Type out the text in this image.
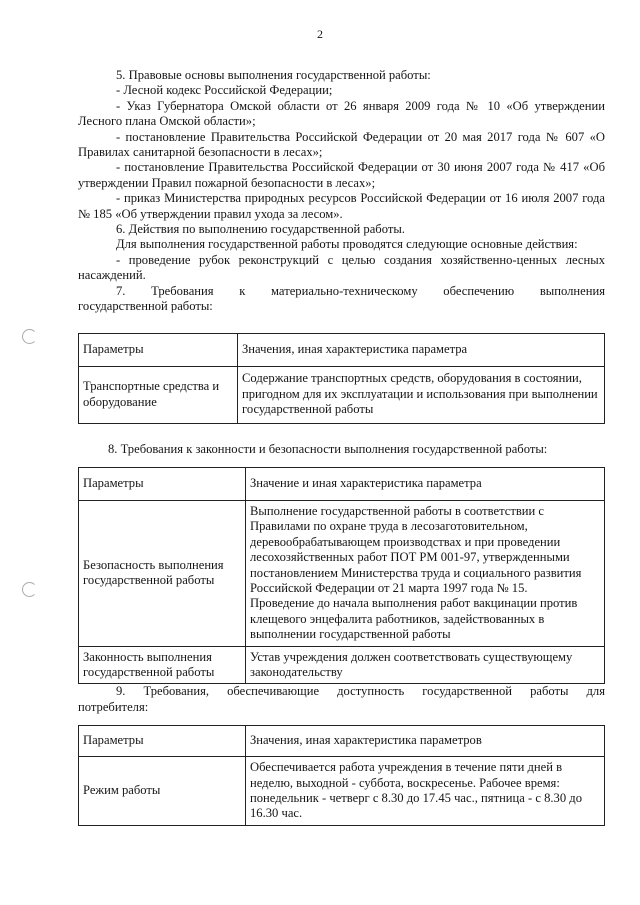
2

5. Правовые основы выполнения государственной работы:

- Лесной кодекс Российской Федерации;

- Указ Губернатора Омской области от 26 января 2009 года № 10 «Об утверждении Лесного плана Омской области»;

- постановление Правительства Российской Федерации от 20 мая 2017 года № 607 «О Правилах санитарной безопасности в лесах»;

- постановление Правительства Российской Федерации от 30 июня 2007 года № 417 «Об утверждении Правил пожарной безопасности в лесах»;

- приказ Министерства природных ресурсов Российской Федерации от 16 июля 2007 года № 185 «Об утверждении правил ухода за лесом».

6. Действия по выполнению государственной работы.

Для выполнения государственной работы проводятся следующие основные действия:

- проведение рубок реконструкций с целью создания хозяйственно-ценных лесных насаждений.

7. Требования к материально-техническому обеспечению выполнения

государственной работы:

Параметры	Значения, иная характеристика параметра
Транспортные средства и оборудование	Содержание транспортных средств, оборудования в состоянии, пригодном для их эксплуатации и использования при выполнении государственной работы

8. Требования к законности и безопасности выполнения государственной работы:

Параметры	Значение и иная характеристика параметра
Безопасность выполнения государственной работы	Выполнение государственной работы в соответствии с Правилами по охране труда в лесозаготовительном, деревообрабатывающем производствах и при проведении лесохозяйственных работ ПОТ РМ 001-97, утвержденными постановлением Министерства труда и социального развития Российской Федерации от 21 марта 1997 года № 15.
Проведение до начала выполнения работ вакцинации против клещевого энцефалита работников, задействованных в выполнении государственной работы

Законность выполнения государственной работы	Устав учреждения должен соответствовать существующему законодательству

9. Требования, обеспечивающие доступность государственной работы для

потребителя:

Параметры	Значения, иная характеристика параметров
Режим работы	Обеспечивается работа учреждения в течение пяти дней в неделю, выходной - суббота, воскресенье. Рабочее время: понедельник - четверг с 8.30 до 17.45 час., пятница - с 8.30 до 16.30 час.
